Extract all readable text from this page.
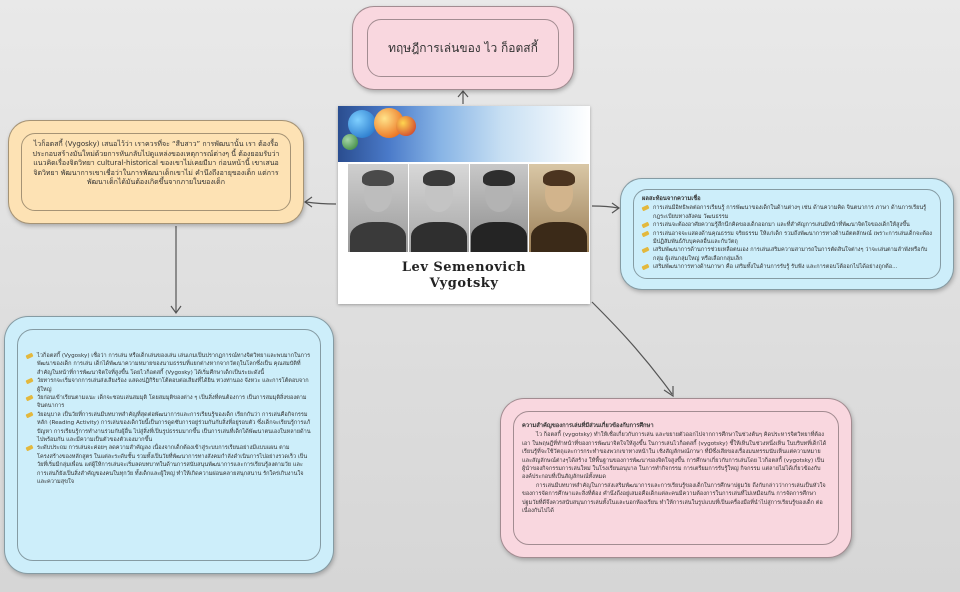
ทฤษฎีการเล่นของ ไว ก็อตสกี้

ไวก็อตสกี้ (Vygosky) เสนอไว้ว่า เราควรที่จะ “สืบสาว” การพัฒนานั้น เรา ต้องรื้อประกอบสร้างมันใหม่ด้วยการหันกลับไปดูแหล่งของเหตุการณ์ต่างๆ นี้ ต้องยอมรับว่า แนวคิดเรื่องจิตวิทยา cultural-historical ของเขาไม่เคยมีมา ก่อนหน้านี้ เขาเสนอจิตวิทยา พัฒนาการเขาเชื่อว่าในการพัฒนาเด็กเขาไม่ คำนึงถึงอายุของเด็ก แต่การพัฒนาเด็กได้มันต้องเกิดขึ้นจากภายในของเด็ก

Lev Semenovich
Vygotsky

ผลสะท้อนจากความเชื่อ

การเล่นมีอิทธิพลต่อการเรียนรู้ การพัฒนาของเด็กในด้านต่างๆ เช่น ด้านความคิด จินตนาการ ภาษา ด้านการเรียนรู้กฎระเบียบทางสังคม วัฒนธรรม

การเล่นจะต้องอาศัยความรู้สึกนึกคิดของเด็กออกมา และที่สำคัญการเล่นมีหน้าที่พัฒนาจิตใจของเด็กให้สูงขึ้น

การเล่นอาจจะแสดงด้านคุณธรรม จริยธรรม ให้แก่เด็ก รวมถึงพัฒนาการทางด้านอัตตลักษณ์ เพราะการเล่นเด็กจะต้องมีปฏิสัมพันธ์กับบุคคลอื่นและกับวัตถุ

เสริมพัฒนาการด้านการช่วยเหลือตนเอง การเล่นเสริมความสามารถในการตัดสินใจต่างๆ ว่าจะเล่นตามลำพังหรือกับกลุ่ม ผู้เล่นกลุ่มใหญ่ หรือเลือกกลุ่มเล็ก

เสริมพัฒนาการทางด้านภาษา คือ เสริมทั้งในด้านการรับรู้ รับฟัง และการตอบโต้ออกไปได้อย่างถูกต้อ...

ไวก็อตสกี้ (Vygosky) เชื่อว่า การเล่น หรือเด็กเล่นของเล่น เล่นเกมเป็นปรากฏการณ์ทางจิตวิทยาและพบมากในการพัฒนาของเด็ก การเล่น เด็กได้พัฒนาความหมายของนามธรรมที่แยกต่างหากจากวัตถุในโลกซึ่งเป็น คุณสมบัติที่สำคัญในหน้าที่การพัฒนาจิตใจที่สูงขึ้น โดยไวก็อตสกี้ (Vygosky) ได้เริ่มศึกษาเด็กเป็นระยะดังนี้

วัยทารกจะเริ่มจากการเล่นส่งเสียงร้อง แสดงปฏิกิริยาโต้ตอบต่อเสียงที่ได้ยิน ทวงท่านอง จังหวะ และการโต้ตอบจากผู้ใหญ่

วัยก่อนเข้าเรียนตามแนะ เด็กจะชอบเล่นสมมุติ โดยสมมุติของต่าง ๆ เป็นสิ่งที่ตนต้องการ เป็นการสมมุติสิ่งของตามจินตนาการ

วัยอนุบาล เป็นวัยที่การเล่นมีบทบาทสำคัญที่สุดต่อพัฒนาการและการเรียนรู้ของเด็ก เรียกกันว่า การเล่นคือกิจกรรมหลัก (Reading Activity) การเล่นของเด็กวัยนี้เป็นการดูดซับการอยู่ร่วมกันกับสิ่งที่อยู่รอบตัว ซึ่งเด็กจะเรียนรู้การแก้ปัญหา การเรียนรู้การทำงานร่วมกับผู้อื่น ไปสู่สิ่งที่เป็นรูปธรรมมากขึ้น เป็นการเล่นที่เด็กได้พัฒนาตนเองในหลายด้านไปพร้อมกัน และมีความเป็นตัวของตัวเองมากขึ้น

ระดับประถม การเล่นจะค่อยๆ ลดความสำคัญลง เนื่องจากเด็กต้องเข้าสู่ระบบการเรียนอย่างมีแบบแผน ตามโครงสร้างของหลักสูตร ในแต่ละระดับชั้น รวมทั้งเป็นวัยที่พัฒนาการทางสังคมกำลังดำเนินการไปอย่างรวดเร็ว เป็นวัยที่เริ่มมีกลุ่มเพื่อน แต่ผู้ให้การเล่นจะเริ่มลดบทบาทในด้านการสนับสนุนพัฒนาการและการเรียนรู้ลงตามวัย และการเล่นก็ยังเป็นสิ่งสำคัญของคนในทุกวัย ทั้งเด็กและผู้ใหญ่ ทำให้เกิดความผ่อนคลายสนุกสนาน รักใคร่เกิบงานใจ และความสุขใจ

ความสำคัญของการเล่นที่มีส่วนเกี่ยวข้องกับการศึกษา

ไว ก็อตสกี้ (vygotsky) ทำให้เชื่อเกี่ยวกับการเล่น และขยายตัวออกไปจากการศึกษาในช่วงต้นๆ คิดประหารจิตวิทยาที่ต้องเอา ในพฤษฎีที่ทำหน้าที่ของการพัฒนาจิตใจให้สูงขึ้น ในการเล่นไวก็อตสกี้ (vygotsky) ชี้ให้เห็นในช่วงหนึ่งเห็น ในบริบทที่เด็กได้เรียนรู้ที่จะใช้วัตถุและการกระทำของพวกเขาทางหน้าใน เชิงสัญลักษณ์ภาษา ที่มีซึ่งเสียของเรื่องมนทรรมนับเห็นแต่ความหมายและสัญลักษณ์ต่างๆได้สร้าง ให้พื้นฐานของการพัฒนาของจิตใจสูงขึ้น การศึกษาเกี่ยวกับการเล่นโดย ไวก็อตสกี้ (vygotsky) เป็นผู้นำของกิจกรรมการเล่นใหม่ ในโรงเรียนอนุบาล ในการทำกิจกรรม การเตรียมการรับรู้ใหญ่ กิจกรรม แต่ลายไม่ได้เกี่ยวข้องกับองค์ประกอบที่เป็นสัญลักษณ์ทั้งหมด

การเล่นมีบทบาทสำคัญในการส่งเสริมพัฒนาการและการเรียนรู้ของเด็กในการศึกษาปฐมวัย ถึงกับกล่าวว่าการเล่นเป็นหัวใจของการจัดการศึกษาและสิ่งที่ต้อง คำนึงถึงอยู่เสมอคือเด็กแต่ละคนมีความต้องการในการเล่นที่ไม่เหมือนกัน การจัดการศึกษาปฐมวัยที่ดีจึงควรสนับสนุนการเล่นทั้งในและนอกห้องเรียน ทำให้การเล่นในรูปแบบที่เป็นเครื่องมือที่นำไปสู่การเรียนรู้ของเด็ก ต่อเนื่องกันไปได้
